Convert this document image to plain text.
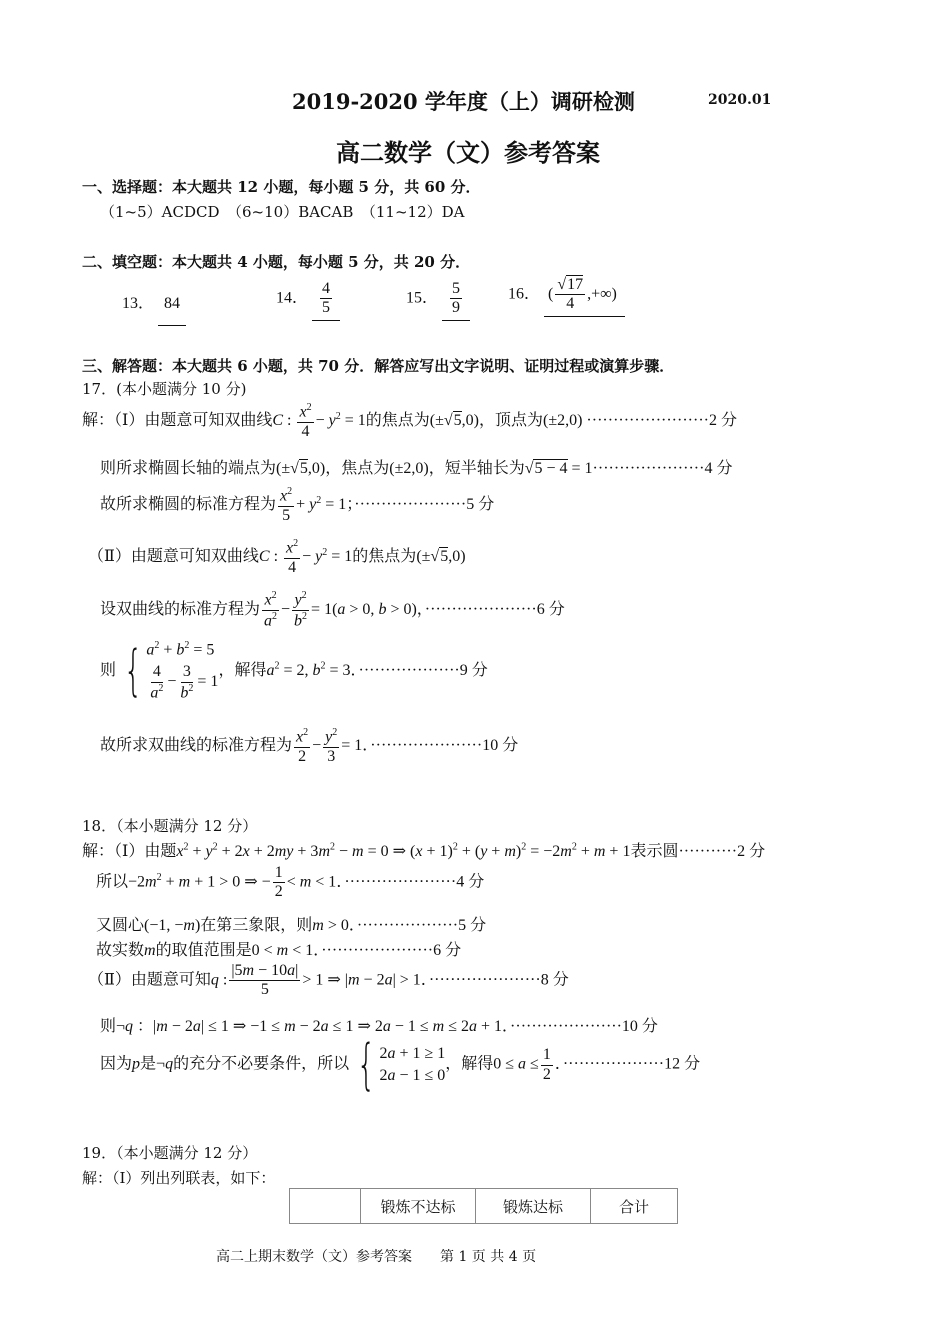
2019-2020 学年度（上）调研检测	2020.01
高二数学（文）参考答案
一、选择题：本大题共 12 小题，每小题 5 分，共 60 分．
（1~5）ACDCD　（6~10）BACAB　（11~12）DA
二、填空题：本大题共 4 小题，每小题 5 分，共 20 分．
13． 84	14． $\frac{4}{5}$	15． $\frac{5}{9}$	16． ( $\frac{√17}{4}$ ,+∞)
三、解答题：本大题共 6 小题，共 70 分．解答应写出文字说明、证明过程或演算步骤．
17．(本小题满分 10 分)
解：（Ⅰ）由题意可知双曲线C : $\frac{x^2}{4} - y^2 = 1$的焦点为(±√5,0)，顶点为(±2,0) ·······················2 分
则所求椭圆长轴的端点为(±√5,0)，焦点为(±2,0)，短半轴长为√5 − 4 = 1·····················4 分
故所求椭圆的标准方程为 $\frac{x^2}{5} + y^2 = 1$；·····················5 分
（Ⅱ）由题意可知双曲线C : $\frac{x^2}{4} - y^2 = 1$的焦点为(±√5,0)
设双曲线的标准方程为 $\frac{x^2}{a^2} - \frac{y^2}{b^2} = 1(a > 0$, b > 0)，·····················6 分
则 { $a^2 + b^2 = 5$
$\frac{4}{a^2} - \frac{3}{b^2} = 1$
，解得$a^2 = 2$, $b^2 = 3$．···················9 分
故所求双曲线的标准方程为 $\frac{x^2}{2} - \frac{y^2}{3} = 1$．·····················10 分
18．（本小题满分 12 分）
解：（Ⅰ）由题$x^2 + y^2 + 2x + 2my + 3m^2 - m = 0$ ⇒ $(x + 1)^2 + (y + m)^2 = -2m^2 + m + 1$表示圆···········2 分
所以$-2m^2 + m + 1 > 0$ ⇒ − $\frac{1}{2} < m < 1$．·····················4 分
又圆心(−1, −m)在第三象限，则m > 0．···················5 分
故实数m的取值范围是0 < m < 1．·····················6 分
（Ⅱ）由题意可知q : $\frac{|5m - 10a|}{5} > 1$ ⇒ |m − 2a| > 1．·····················8 分
则¬q ：|m − 2a| ≤ 1 ⇒ −1 ≤ m − 2a ≤ 1 ⇒ 2a − 1 ≤ m ≤ 2a + 1．·····················10 分
因为p是¬q的充分不必要条件，所以 { 2a + 1 ≥ 1
2a − 1 ≤ 0
，解得$0 \le a \le \frac{1}{2}$ ．···················12 分
19．（本小题满分 12 分）
解：（Ⅰ）列出列联表，如下：
	锻炼不达标	锻炼达标	合计
高二上期末数学（文）参考答案　　第 1 页 共 4 页
